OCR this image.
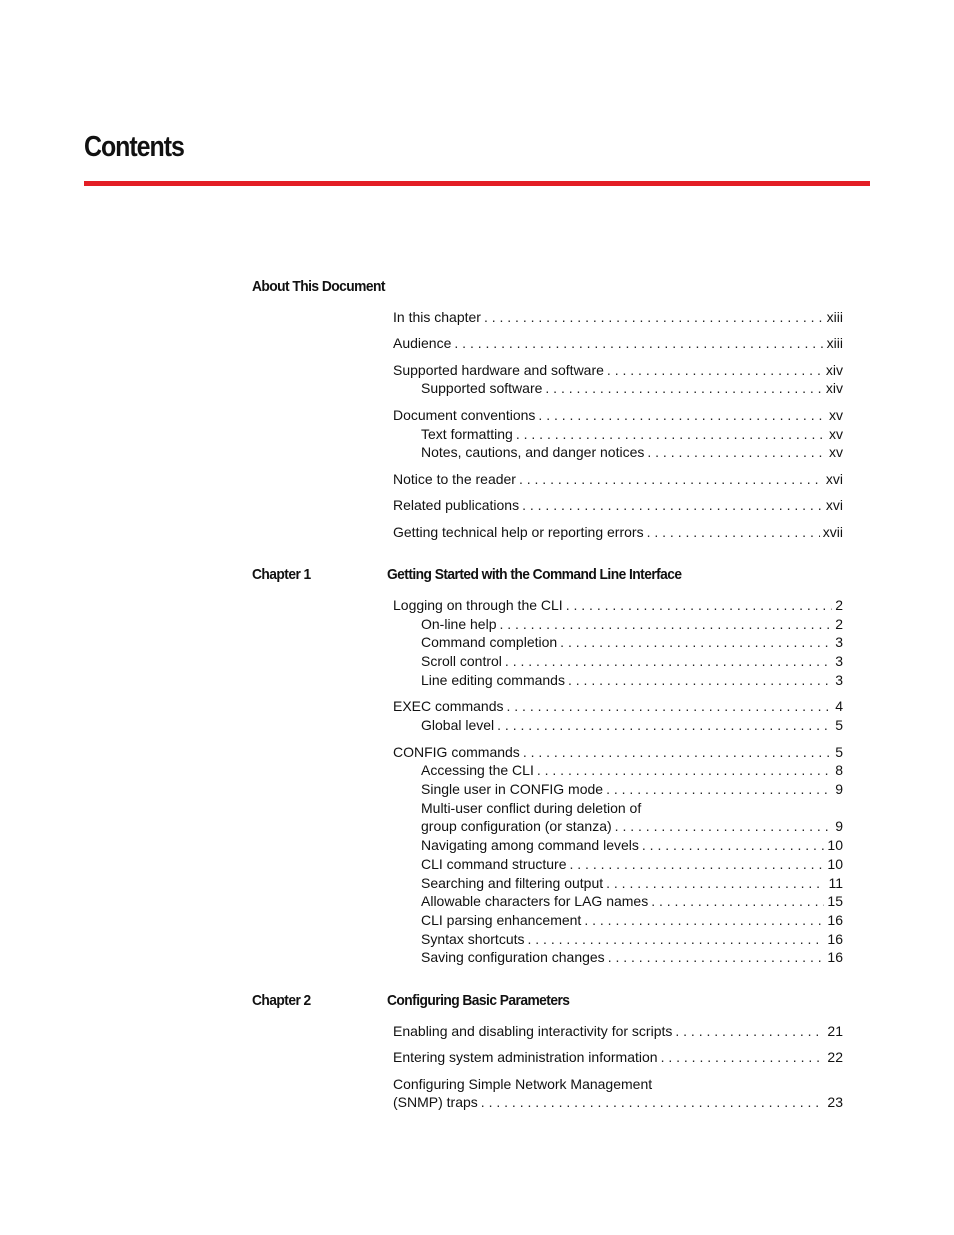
Contents
About This Document
In this chapter . . .	xiii
Audience . . .	xiii
Supported hardware and software . . .	xiv
Supported software . . .	xiv
Document conventions . . .	xv
Text formatting . . .	xv
Notes, cautions, and danger notices . . .	xv
Notice to the reader . . .	xvi
Related publications . . .	xvi
Getting technical help or reporting errors . . .	xvii
Chapter 1	Getting Started with the Command Line Interface
Logging on through the CLI . . .	2
On-line help . . .	2
Command completion . . .	3
Scroll control . . .	3
Line editing commands . . .	3
EXEC commands . . .	4
Global level . . .	5
CONFIG commands . . .	5
Accessing the CLI . . .	8
Single user in CONFIG mode . . .	9
Multi-user conflict during deletion of
group configuration (or stanza) . . .	9
Navigating among command levels . . .	10
CLI command structure . . .	10
Searching and filtering output . . .	11
Allowable characters for LAG names . . .	15
CLI parsing enhancement . . .	16
Syntax shortcuts . . .	16
Saving configuration changes . . .	16
Chapter 2	Configuring Basic Parameters
Enabling and disabling interactivity for scripts . . .	21
Entering system administration information . . .	22
Configuring Simple Network Management
(SNMP) traps . . .	23
